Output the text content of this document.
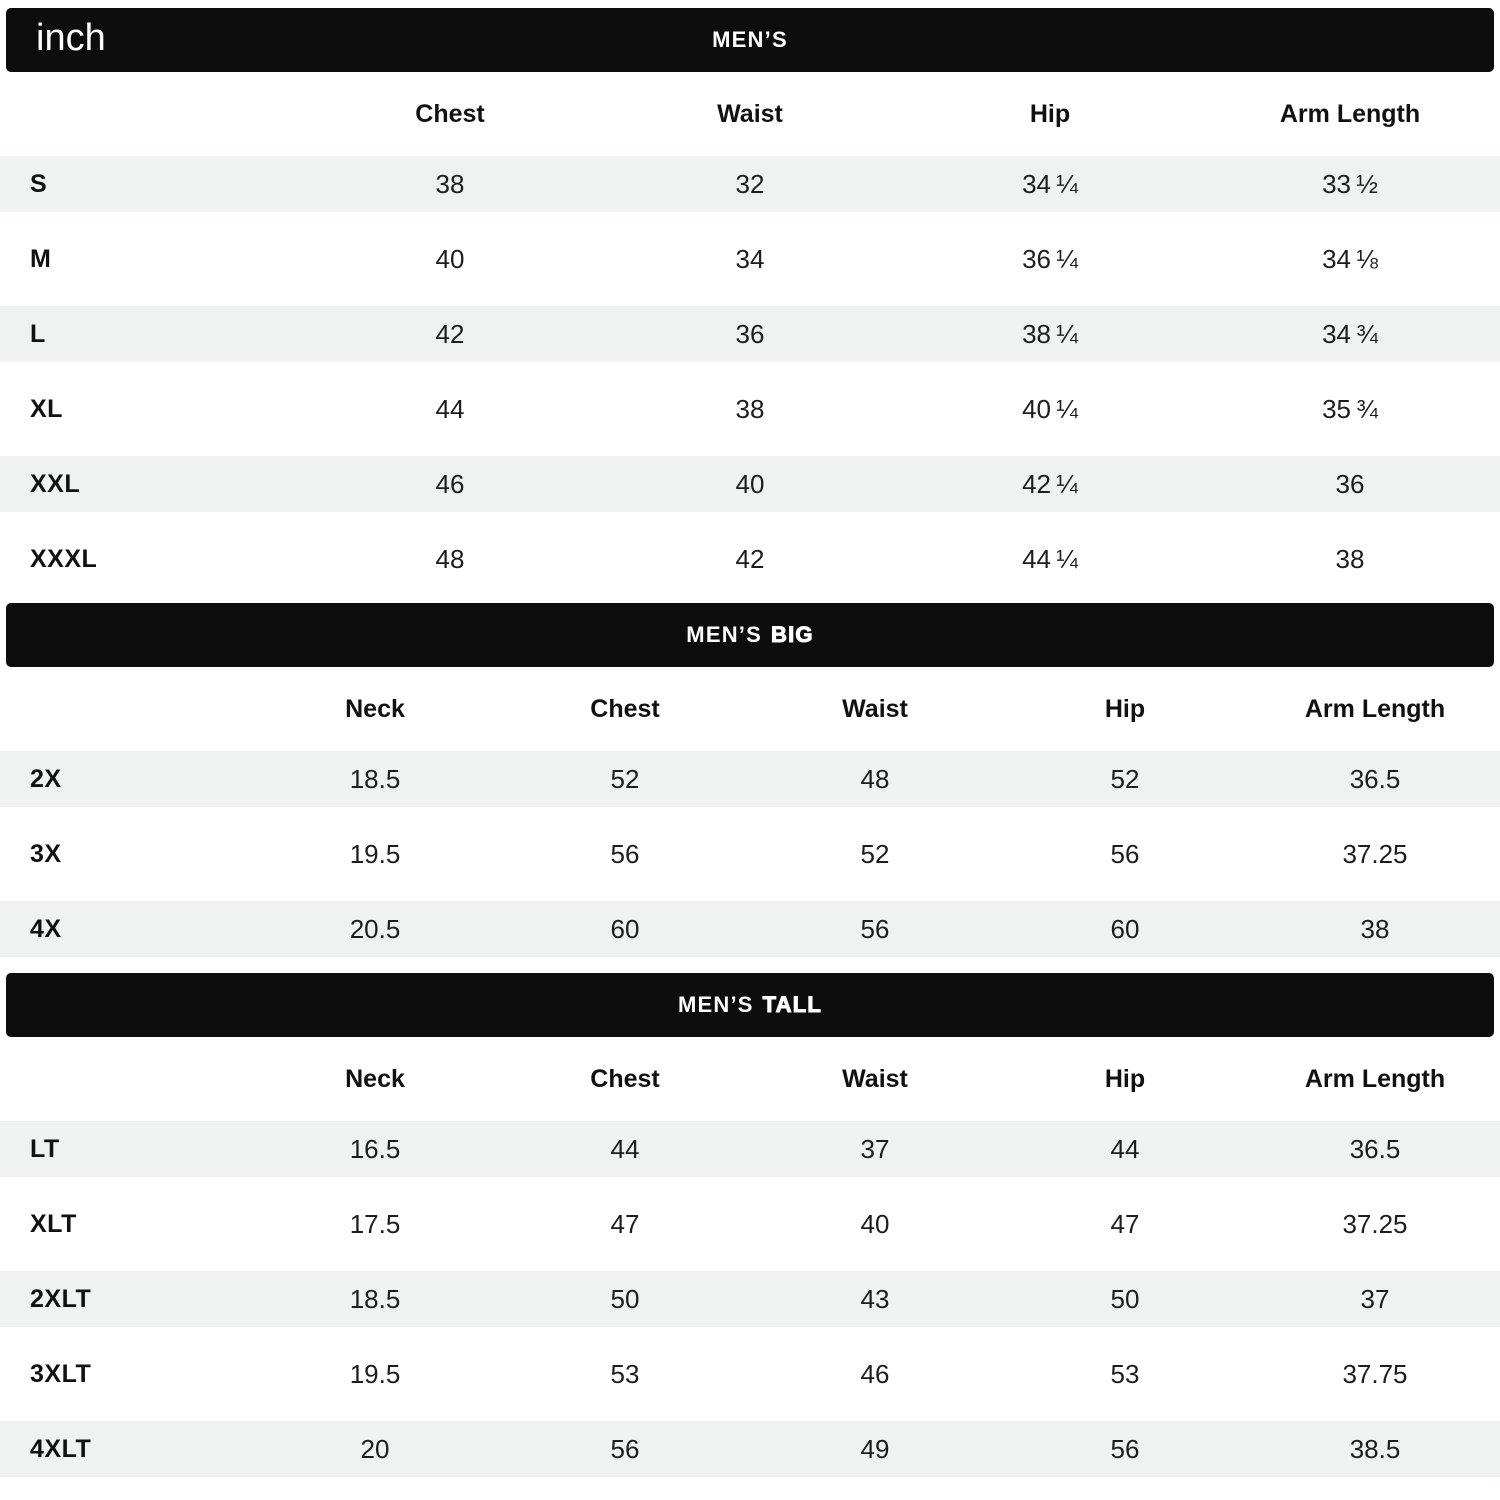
inch	MEN’S
Chest	Waist	Hip	Arm Length
S	38	32	34 ¼	33 ½
M	40	34	36 ¼	34 ⅛
L	42	36	38 ¼	34 ¾
XL	44	38	40 ¼	35 ¾
XXL	46	40	42 ¼	36
XXXL	48	42	44 ¼	38
MEN’S BIG
Neck	Chest	Waist	Hip	Arm Length
2X	18.5	52	48	52	36.5
3X	19.5	56	52	56	37.25
4X	20.5	60	56	60	38
MEN’S TALL
Neck	Chest	Waist	Hip	Arm Length
LT	16.5	44	37	44	36.5
XLT	17.5	47	40	47	37.25
2XLT	18.5	50	43	50	37
3XLT	19.5	53	46	53	37.75
4XLT	20	56	49	56	38.5
